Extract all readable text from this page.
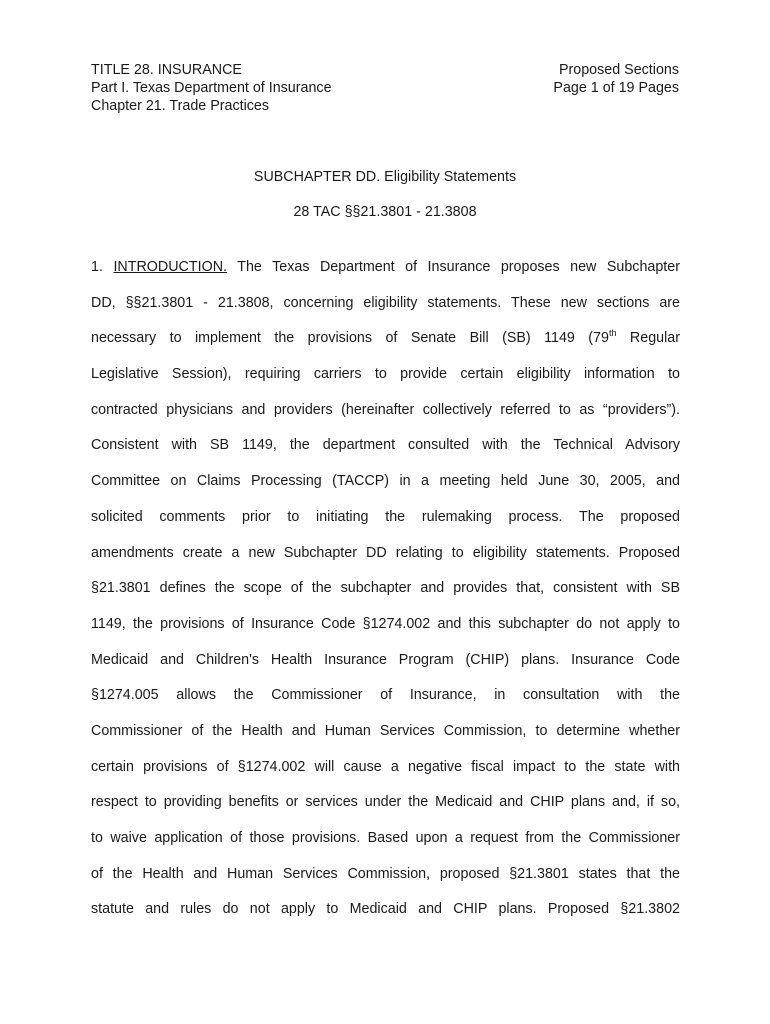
TITLE 28. INSURANCE
Part I. Texas Department of Insurance
Chapter 21. Trade Practices
Proposed Sections
Page 1 of 19 Pages
SUBCHAPTER DD. Eligibility Statements
28 TAC §§21.3801 - 21.3808
1. INTRODUCTION. The Texas Department of Insurance proposes new Subchapter
DD, §§21.3801 - 21.3808, concerning eligibility statements. These new sections are
necessary to implement the provisions of Senate Bill (SB) 1149 (79th Regular
Legislative Session), requiring carriers to provide certain eligibility information to
contracted physicians and providers (hereinafter collectively referred to as “providers”).
Consistent with SB 1149, the department consulted with the Technical Advisory
Committee on Claims Processing (TACCP) in a meeting held June 30, 2005, and
solicited comments prior to initiating the rulemaking process. The proposed
amendments create a new Subchapter DD relating to eligibility statements. Proposed
§21.3801 defines the scope of the subchapter and provides that, consistent with SB
1149, the provisions of Insurance Code §1274.002 and this subchapter do not apply to
Medicaid and Children's Health Insurance Program (CHIP) plans. Insurance Code
§1274.005 allows the Commissioner of Insurance, in consultation with the
Commissioner of the Health and Human Services Commission, to determine whether
certain provisions of §1274.002 will cause a negative fiscal impact to the state with
respect to providing benefits or services under the Medicaid and CHIP plans and, if so,
to waive application of those provisions. Based upon a request from the Commissioner
of the Health and Human Services Commission, proposed §21.3801 states that the
statute and rules do not apply to Medicaid and CHIP plans. Proposed §21.3802
